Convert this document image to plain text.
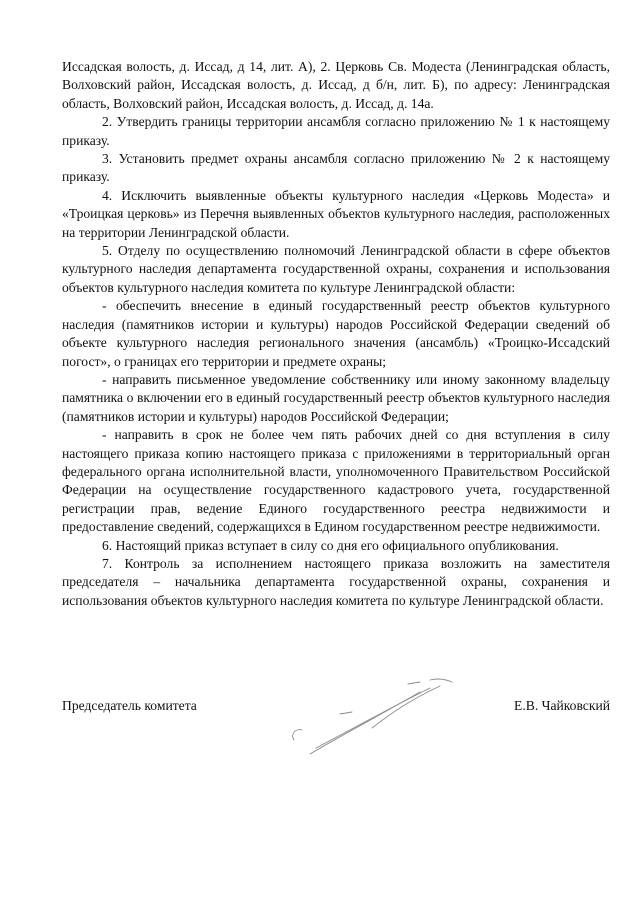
Иссадская волость, д. Иссад, д 14, лит. А), 2. Церковь Св. Модеста (Ленинградская область, Волховский район, Иссадская волость, д. Иссад, д б/н, лит. Б), по адресу: Ленинградская область, Волховский район, Иссадская волость, д. Иссад, д. 14а.

2. Утвердить границы территории ансамбля согласно приложению № 1 к настоящему приказу.

3. Установить предмет охраны ансамбля согласно приложению № 2 к настоящему приказу.

4. Исключить выявленные объекты культурного наследия «Церковь Модеста» и «Троицкая церковь» из Перечня выявленных объектов культурного наследия, расположенных на территории Ленинградской области.

5. Отделу по осуществлению полномочий Ленинградской области в сфере объектов культурного наследия департамента государственной охраны, сохранения и использования объектов культурного наследия комитета по культуре Ленинградской области:

- обеспечить внесение в единый государственный реестр объектов культурного наследия (памятников истории и культуры) народов Российской Федерации сведений об объекте культурного наследия регионального значения (ансамбль) «Троицко-Иссадский погост», о границах его территории и предмете охраны;

- направить письменное уведомление собственнику или иному законному владельцу памятника о включении его в единый государственный реестр объектов культурного наследия (памятников истории и культуры) народов Российской Федерации;

- направить в срок не более чем пять рабочих дней со дня вступления в силу настоящего приказа копию настоящего приказа с приложениями в территориальный орган федерального органа исполнительной власти, уполномоченного Правительством Российской Федерации на осуществление государственного кадастрового учета, государственной регистрации прав, ведение Единого государственного реестра недвижимости и предоставление сведений, содержащихся в Едином государственном реестре недвижимости.

6. Настоящий приказ вступает в силу со дня его официального опубликования.

7. Контроль за исполнением настоящего приказа возложить на заместителя председателя – начальника департамента государственной охраны, сохранения и использования объектов культурного наследия комитета по культуре Ленинградской области.

Председатель комитета	Е.В. Чайковский
